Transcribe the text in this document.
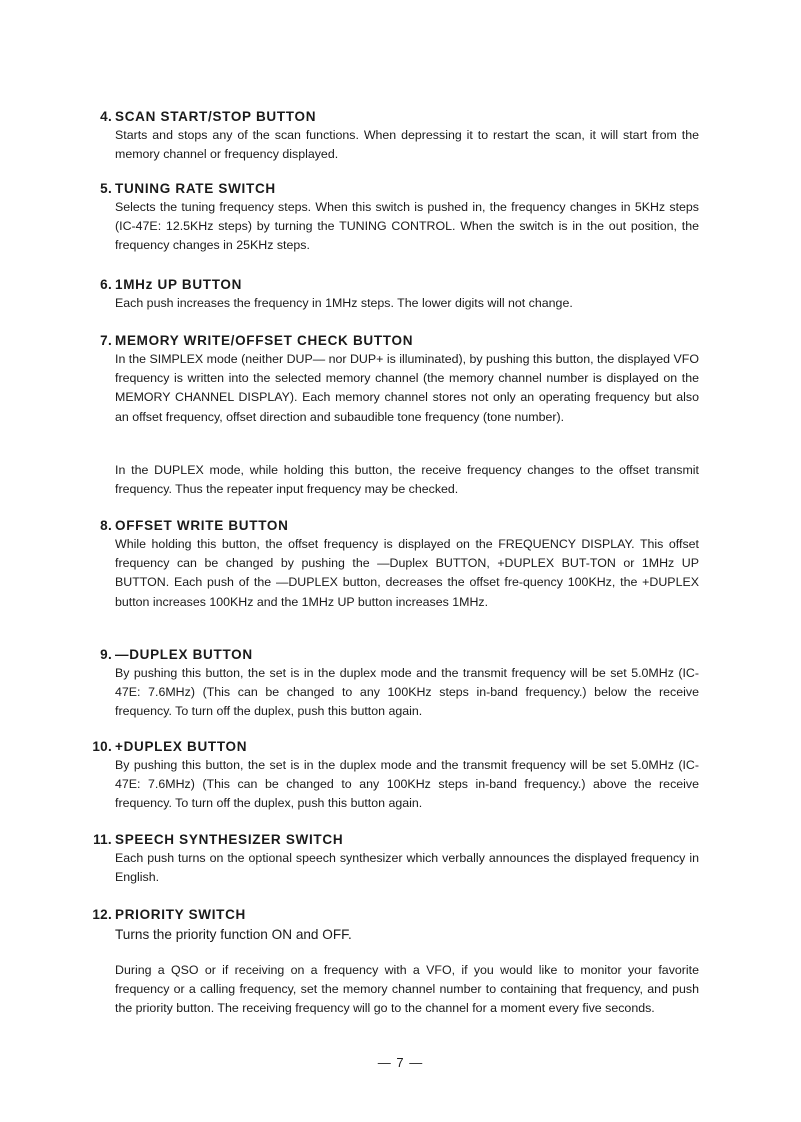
4. SCAN START/STOP BUTTON

Starts and stops any of the scan functions. When depressing it to restart the scan, it will start from the memory channel or frequency displayed.

5. TUNING RATE SWITCH

Selects the tuning frequency steps. When this switch is pushed in, the frequency changes in 5KHz steps (IC-47E: 12.5KHz steps) by turning the TUNING CONTROL. When the switch is in the out position, the frequency changes in 25KHz steps.

6. 1MHz UP BUTTON

Each push increases the frequency in 1MHz steps. The lower digits will not change.

7. MEMORY WRITE/OFFSET CHECK BUTTON

In the SIMPLEX mode (neither DUP— nor DUP+ is illuminated), by pushing this button, the displayed VFO frequency is written into the selected memory channel (the memory channel number is displayed on the MEMORY CHANNEL DISPLAY). Each memory channel stores not only an operating frequency but also an offset frequency, offset direction and subaudible tone frequency (tone number).

In the DUPLEX mode, while holding this button, the receive frequency changes to the offset transmit frequency. Thus the repeater input frequency may be checked.

8. OFFSET WRITE BUTTON

While holding this button, the offset frequency is displayed on the FREQUENCY DISPLAY. This offset frequency can be changed by pushing the —Duplex BUTTON, +DUPLEX BUT-TON or 1MHz UP BUTTON. Each push of the —DUPLEX button, decreases the offset fre-quency 100KHz, the +DUPLEX button increases 100KHz and the 1MHz UP button increases 1MHz.

9. —DUPLEX BUTTON

By pushing this button, the set is in the duplex mode and the transmit frequency will be set 5.0MHz (IC-47E: 7.6MHz) (This can be changed to any 100KHz steps in-band frequency.) below the receive frequency. To turn off the duplex, push this button again.

10. +DUPLEX BUTTON

By pushing this button, the set is in the duplex mode and the transmit frequency will be set 5.0MHz (IC-47E: 7.6MHz) (This can be changed to any 100KHz steps in-band frequency.) above the receive frequency. To turn off the duplex, push this button again.

11. SPEECH SYNTHESIZER SWITCH

Each push turns on the optional speech synthesizer which verbally announces the displayed frequency in English.

12. PRIORITY SWITCH

Turns the priority function ON and OFF.

During a QSO or if receiving on a frequency with a VFO, if you would like to monitor your favorite frequency or a calling frequency, set the memory channel number to containing that frequency, and push the priority button. The receiving frequency will go to the channel for a moment every five seconds.

— 7 —
